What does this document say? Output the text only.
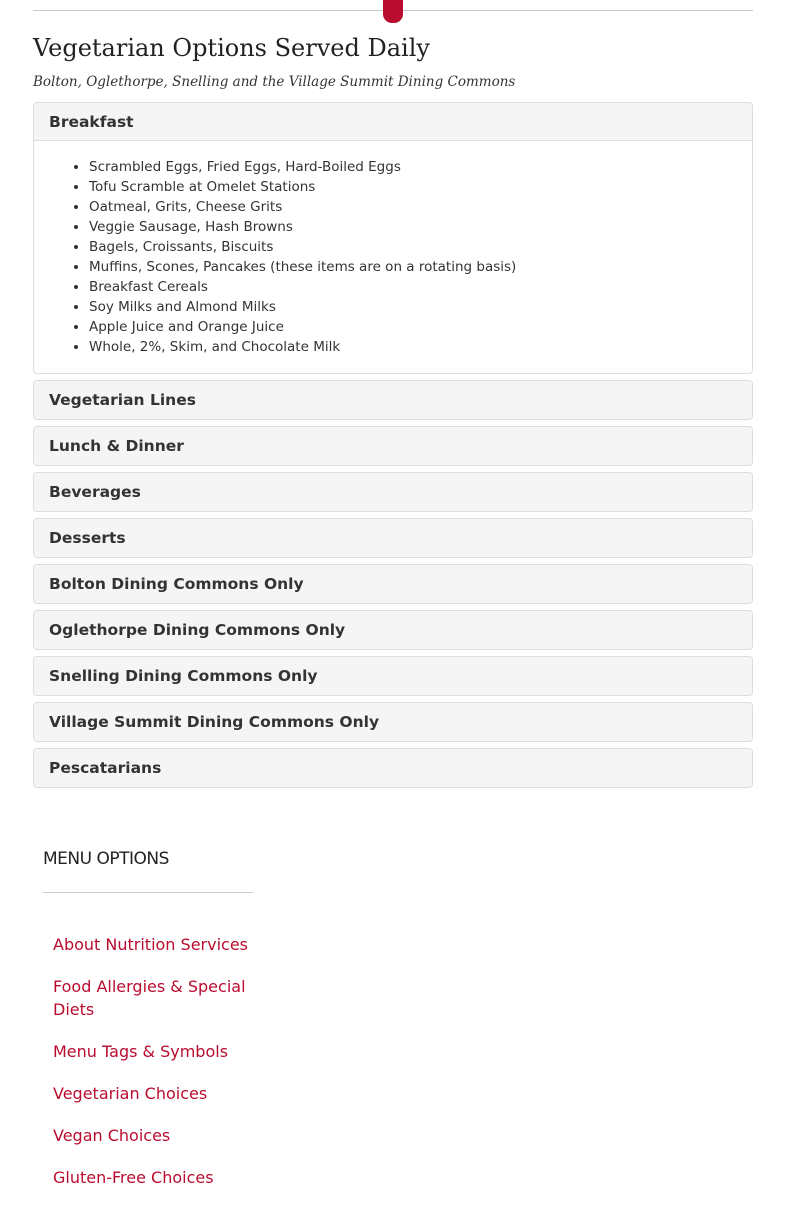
Vegetarian Options Served Daily

Bolton, Oglethorpe, Snelling and the Village Summit Dining Commons

Breakfast
• Scrambled Eggs, Fried Eggs, Hard-Boiled Eggs
• Tofu Scramble at Omelet Stations
• Oatmeal, Grits, Cheese Grits
• Veggie Sausage, Hash Browns
• Bagels, Croissants, Biscuits
• Muffins, Scones, Pancakes (these items are on a rotating basis)
• Breakfast Cereals
• Soy Milks and Almond Milks
• Apple Juice and Orange Juice
• Whole, 2%, Skim, and Chocolate Milk
Vegetarian Lines
Lunch & Dinner
Beverages
Desserts
Bolton Dining Commons Only
Oglethorpe Dining Commons Only
Snelling Dining Commons Only
Village Summit Dining Commons Only
Pescatarians
MENU OPTIONS
About Nutrition Services
Food Allergies & Special Diets
Menu Tags & Symbols
Vegetarian Choices
Vegan Choices
Gluten-Free Choices
